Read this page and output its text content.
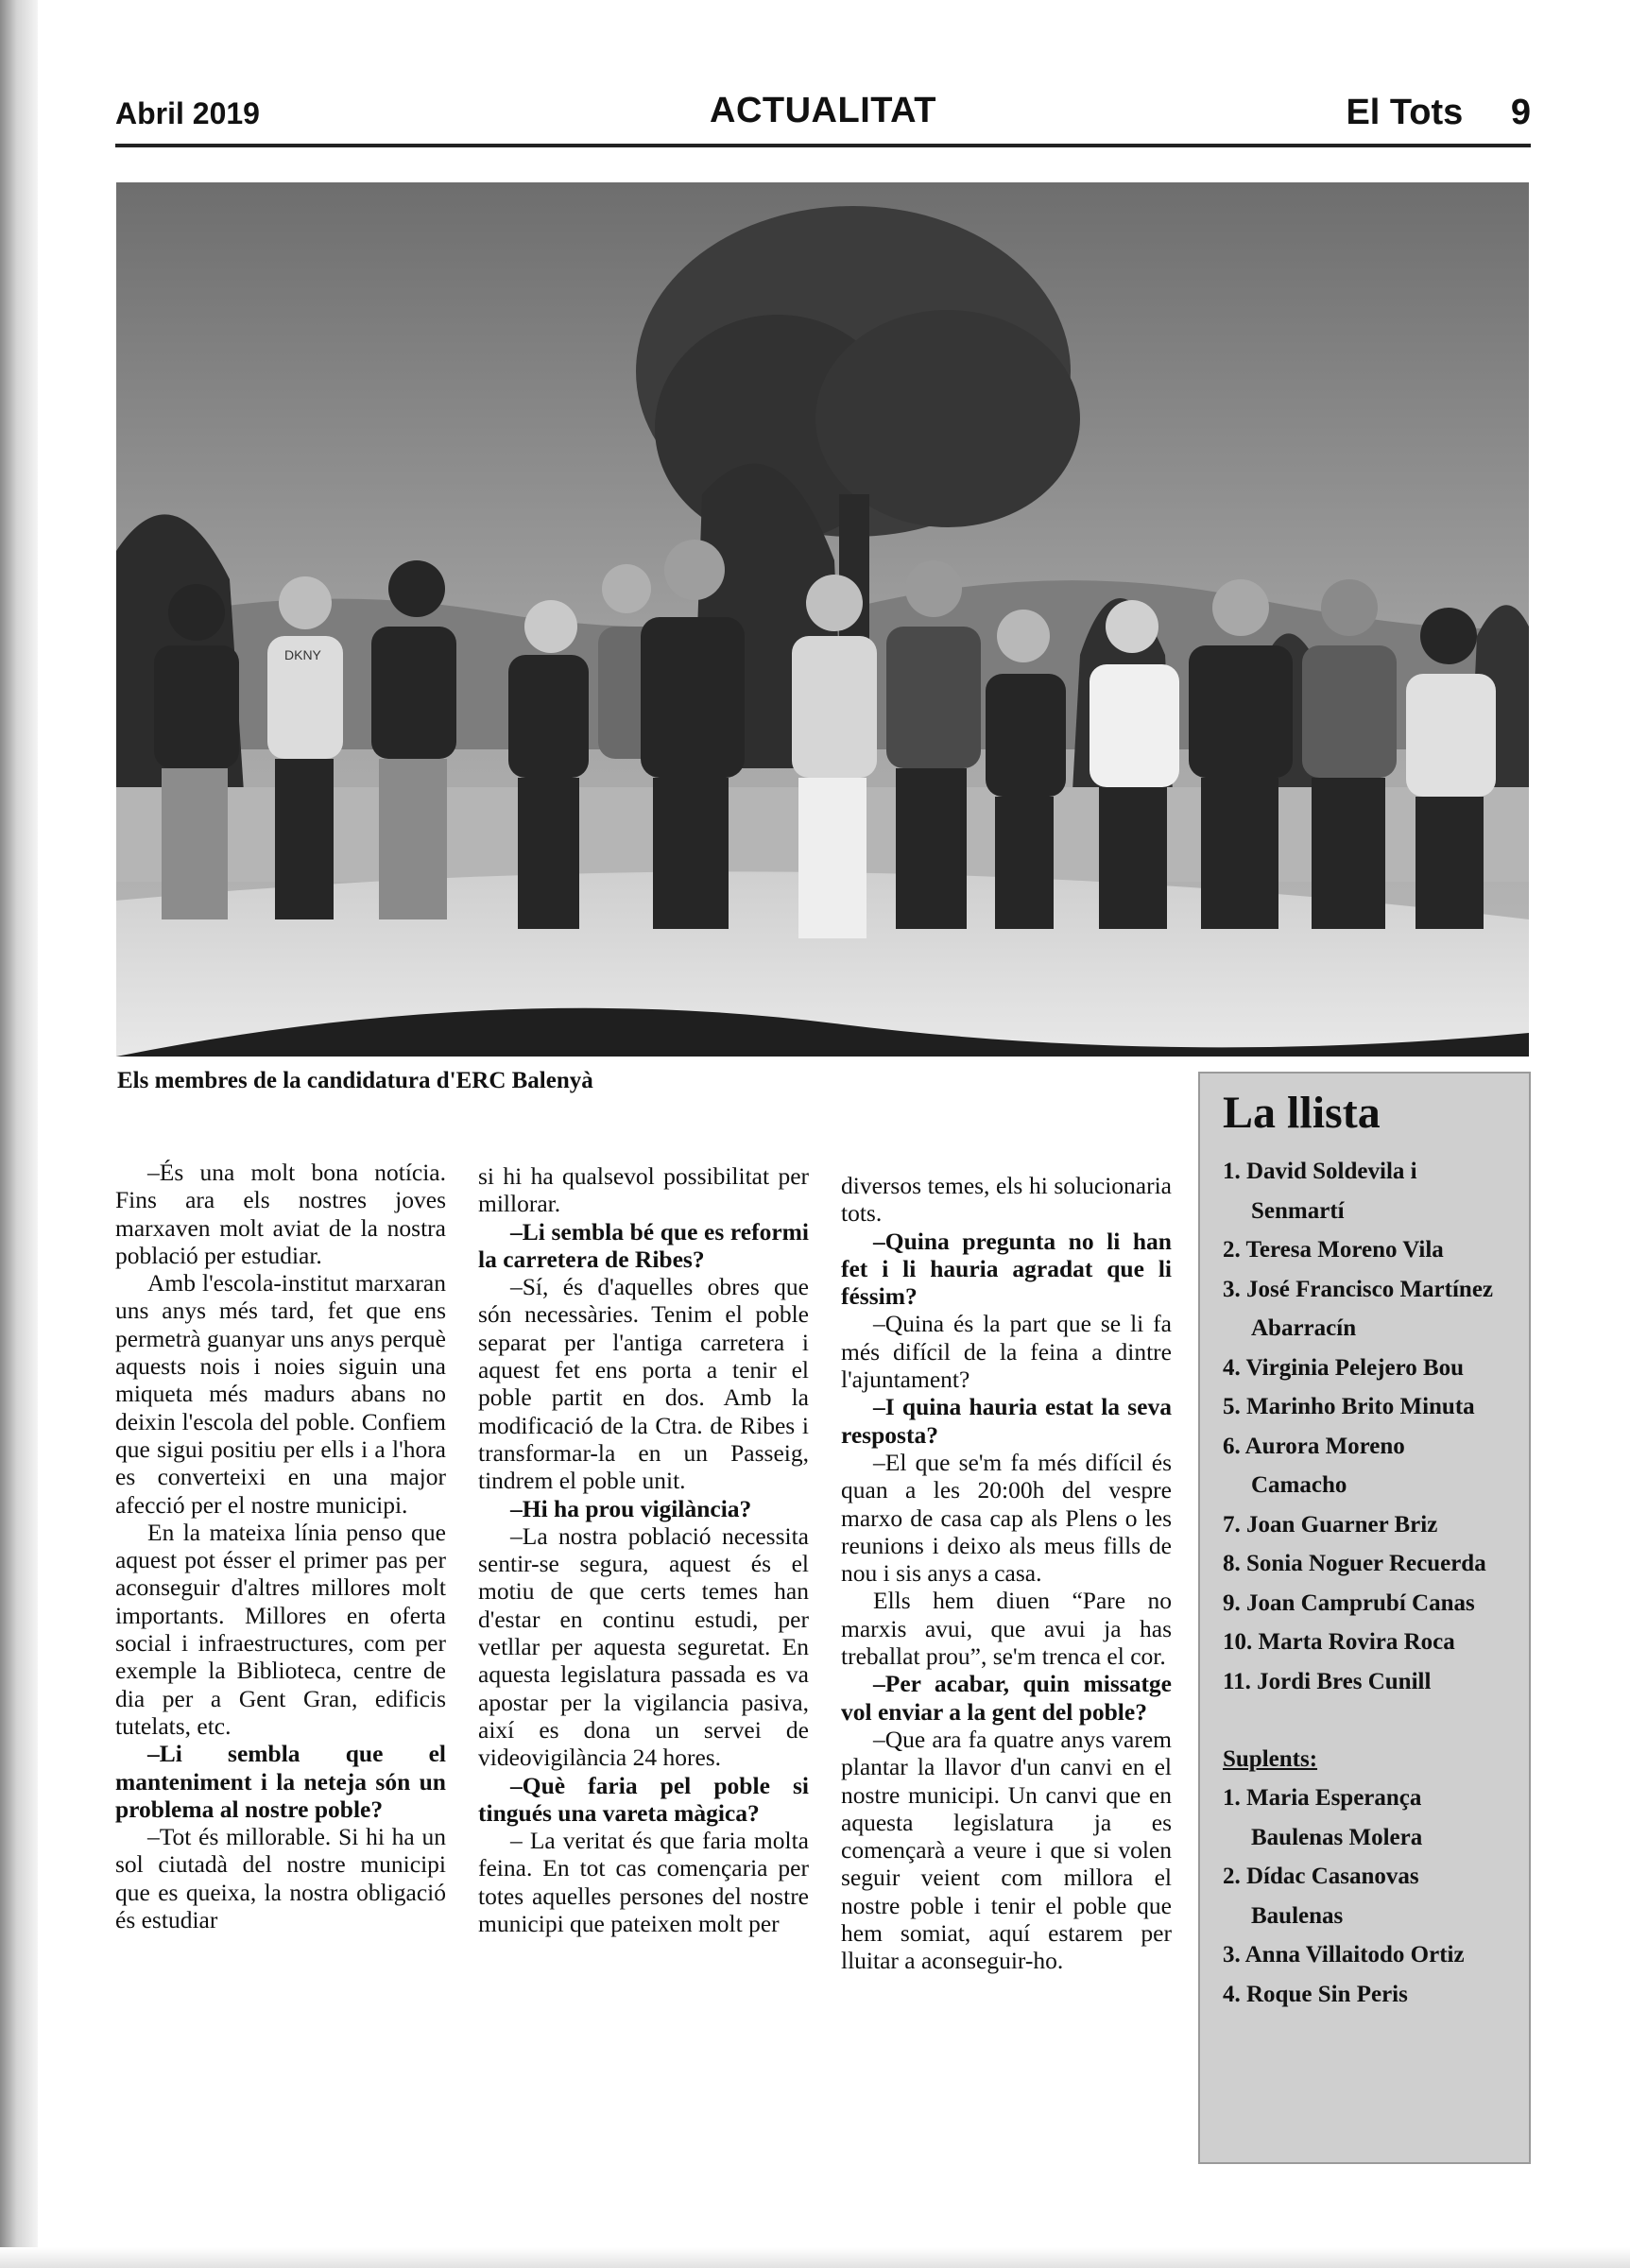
Abril 2019	ACTUALITAT	El Tots 9
DKNY
Els membres de la candidatura d'ERC Balenyà

–És una molt bona notícia. Fins ara els nostres joves marxaven molt aviat de la nostra població per estudiar.

Amb l'escola-institut marxaran uns anys més tard, fet que ens permetrà guanyar uns anys perquè aquests nois i noies siguin una miqueta més madurs abans no deixin l'escola del poble. Confiem que sigui positiu per ells i a l'hora es converteixi en una major afecció per el nostre municipi.

En la mateixa línia penso que aquest pot ésser el primer pas per aconseguir d'altres millores molt importants. Millores en oferta social i infraestructures, com per exemple la Biblioteca, centre de dia per a Gent Gran, edificis tutelats, etc.

–Li sembla que el manteniment i la neteja són un problema al nostre poble?

–Tot és millorable. Si hi ha un sol ciutadà del nostre municipi que es queixa, la nostra obligació és estudiar

si hi ha qualsevol possibilitat per millorar.

–Li sembla bé que es reformi la carretera de Ribes?

–Sí, és d'aquelles obres que són necessàries. Tenim el poble separat per l'antiga carretera i aquest fet ens porta a tenir el poble partit en dos. Amb la modificació de la Ctra. de Ribes i transformar-la en un Passeig, tindrem el poble unit.

–Hi ha prou vigilància?

–La nostra població necessita sentir-se segura, aquest és el motiu de que certs temes han d'estar en continu estudi, per vetllar per aquesta seguretat. En aquesta legislatura passada es va apostar per la vigilancia pasiva, així es dona un servei de videovigilància 24 hores.

–Què faria pel poble si tingués una vareta màgica?

– La veritat és que faria molta feina. En tot cas començaria per totes aquelles persones del nostre municipi que pateixen molt per

diversos temes, els hi solucionaria tots.

–Quina pregunta no li han fet i li hauria agradat que li féssim?

–Quina és la part que se li fa més difícil de la feina a dintre l'ajuntament?

–I quina hauria estat la seva resposta?

–El que se'm fa més difícil és quan a les 20:00h del vespre marxo de casa cap als Plens o les reunions i deixo als meus fills de nou i sis anys a casa.

Ells hem diuen “Pare no marxis avui, que avui ja has treballat prou”, se'm trenca el cor.

–Per acabar, quin missatge vol enviar a la gent del poble?

–Que ara fa quatre anys varem plantar la llavor d'un canvi en el nostre municipi. Un canvi que en aquesta legislatura ja es començarà a veure i que si volen seguir veient com millora el nostre poble i tenir el poble que hem somiat, aquí estarem per lluitar a aconseguir-ho.

La llista
1. David Soldevila i Senmartí
2. Teresa Moreno Vila
3. José Francisco Martínez Abarracín
4. Virginia Pelejero Bou
5. Marinho Brito Minuta
6. Aurora Moreno Camacho
7. Joan Guarner Briz
8. Sonia Noguer Recuerda
9. Joan Camprubí Canas
10. Marta Rovira Roca
11. Jordi Bres Cunill
Suplents:
1. Maria Esperança Baulenas Molera
2. Dídac Casanovas Baulenas
3. Anna Villaitodo Ortiz
4. Roque Sin Peris
